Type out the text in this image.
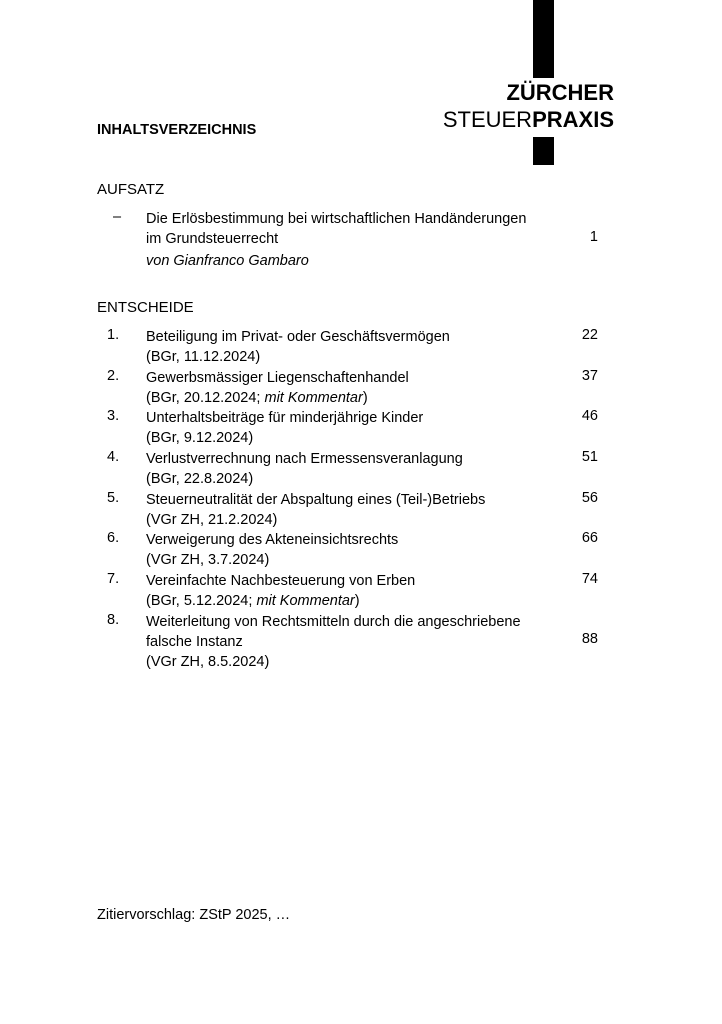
ZÜRCHER
STEUERPRAXIS
INHALTSVERZEICHNIS
AUFSATZ
– Die Erlösbestimmung bei wirtschaftlichen Handänderungen
im Grundsteuerrecht
von Gianfranco Gambaro
1
ENTSCHEIDE
1. Beteiligung im Privat- oder Geschäftsvermögen
(BGr, 11.12.2024)
22
2. Gewerbsmässiger Liegenschaftenhandel
(BGr, 20.12.2024; mit Kommentar)
37
3. Unterhaltsbeiträge für minderjährige Kinder
(BGr, 9.12.2024)
46
4. Verlustverrechnung nach Ermessensveranlagung
(BGr, 22.8.2024)
51
5. Steuerneutralität der Abspaltung eines (Teil-)Betriebs
(VGr ZH, 21.2.2024)
56
6. Verweigerung des Akteneinsichtsrechts
(VGr ZH, 3.7.2024)
66
7. Vereinfachte Nachbesteuerung von Erben
(BGr, 5.12.2024; mit Kommentar)
74
8. Weiterleitung von Rechtsmitteln durch die angeschriebene
falsche Instanz
(VGr ZH, 8.5.2024)
88
Zitiervorschlag: ZStP 2025, …
